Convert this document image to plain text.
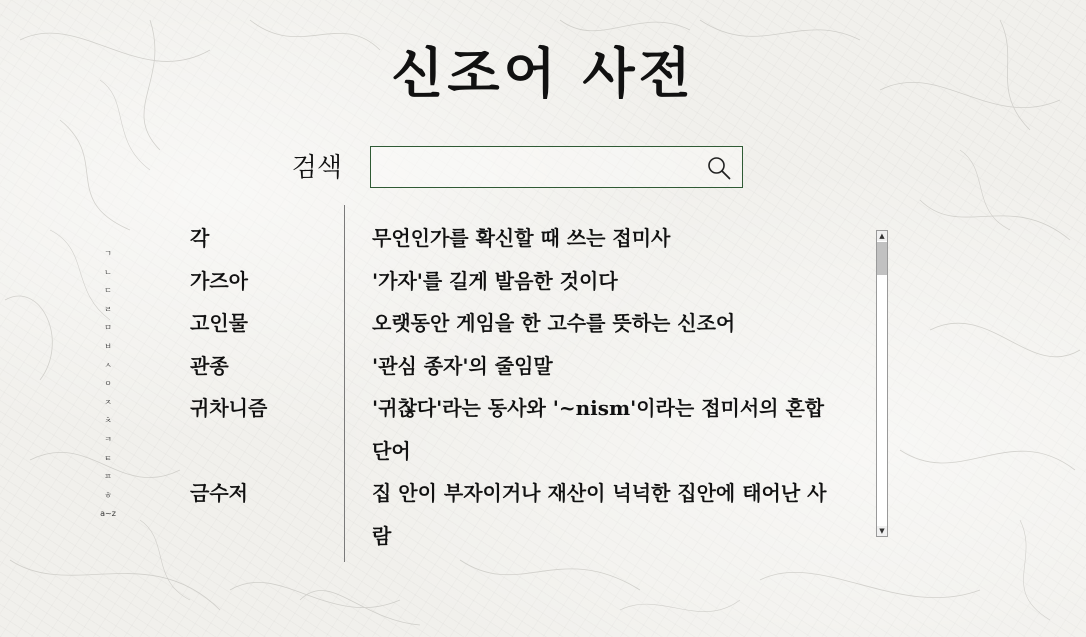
신조어 사전
검색
ㄱ
ㄴ
ㄷ
ㄹ
ㅁ
ㅂ
ㅅ
ㅇ
ㅈ
ㅊ
ㅋ
ㅌ
ㅍ
ㅎ
a~z
각	무언인가를 확신할 때 쓰는 접미사
가즈아	'가자'를 길게 발음한 것이다
고인물	오랫동안 게임을 한 고수를 뜻하는 신조어
관종	'관심 종자'의 줄임말
귀차니즘	'귀찮다'라는 동사와 '~nism'이라는 접미서의 혼합 단어
금수저	집 안이 부자이거나 재산이 넉넉한 집안에 태어난 사람
▲
▼
